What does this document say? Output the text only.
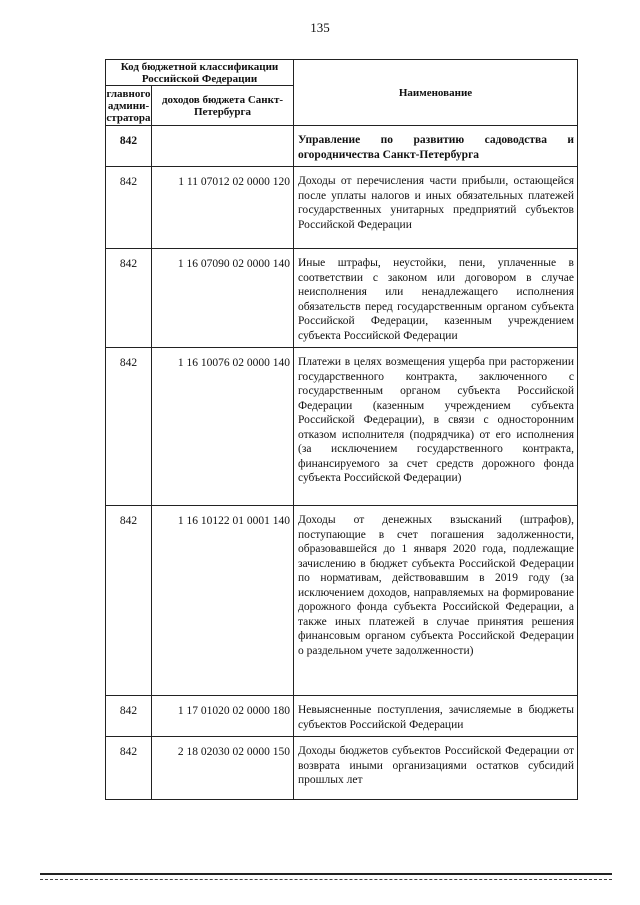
135
Код бюджетной классификации Российской Федерации		Наименование
главного админи-стратора	доходов бюджета Санкт-Петербурга	
842		Управление по развитию садоводства и огородничества Санкт-Петербурга
842	1 11 07012 02 0000 120	Доходы от перечисления части прибыли, остающейся после уплаты налогов и иных обязательных платежей государственных унитарных предприятий субъектов Российской Федерации
842	1 16 07090 02 0000 140	Иные штрафы, неустойки, пени, уплаченные в соответствии с законом или договором в случае неисполнения или ненадлежащего исполнения обязательств перед государственным органом субъекта Российской Федерации, казенным учреждением субъекта Российской Федерации
842	1 16 10076 02 0000 140	Платежи в целях возмещения ущерба при расторжении государственного контракта, заключенного с государственным органом субъекта Российской Федерации (казенным учреждением субъекта Российской Федерации), в связи с односторонним отказом исполнителя (подрядчика) от его исполнения (за исключением государственного контракта, финансируемого за счет средств дорожного фонда субъекта Российской Федерации)
842	1 16 10122 01 0001 140	Доходы от денежных взысканий (штрафов), поступающие в счет погашения задолженности, образовавшейся до 1 января 2020 года, подлежащие зачислению в бюджет субъекта Российской Федерации по нормативам, действовавшим в 2019 году (за исключением доходов, направляемых на формирование дорожного фонда субъекта Российской Федерации, а также иных платежей в случае принятия решения финансовым органом субъекта Российской Федерации о раздельном учете задолженности)
842	1 17 01020 02 0000 180	Невыясненные поступления, зачисляемые в бюджеты субъектов Российской Федерации
842	2 18 02030 02 0000 150	Доходы бюджетов субъектов Российской Федерации от возврата иными организациями остатков субсидий прошлых лет
